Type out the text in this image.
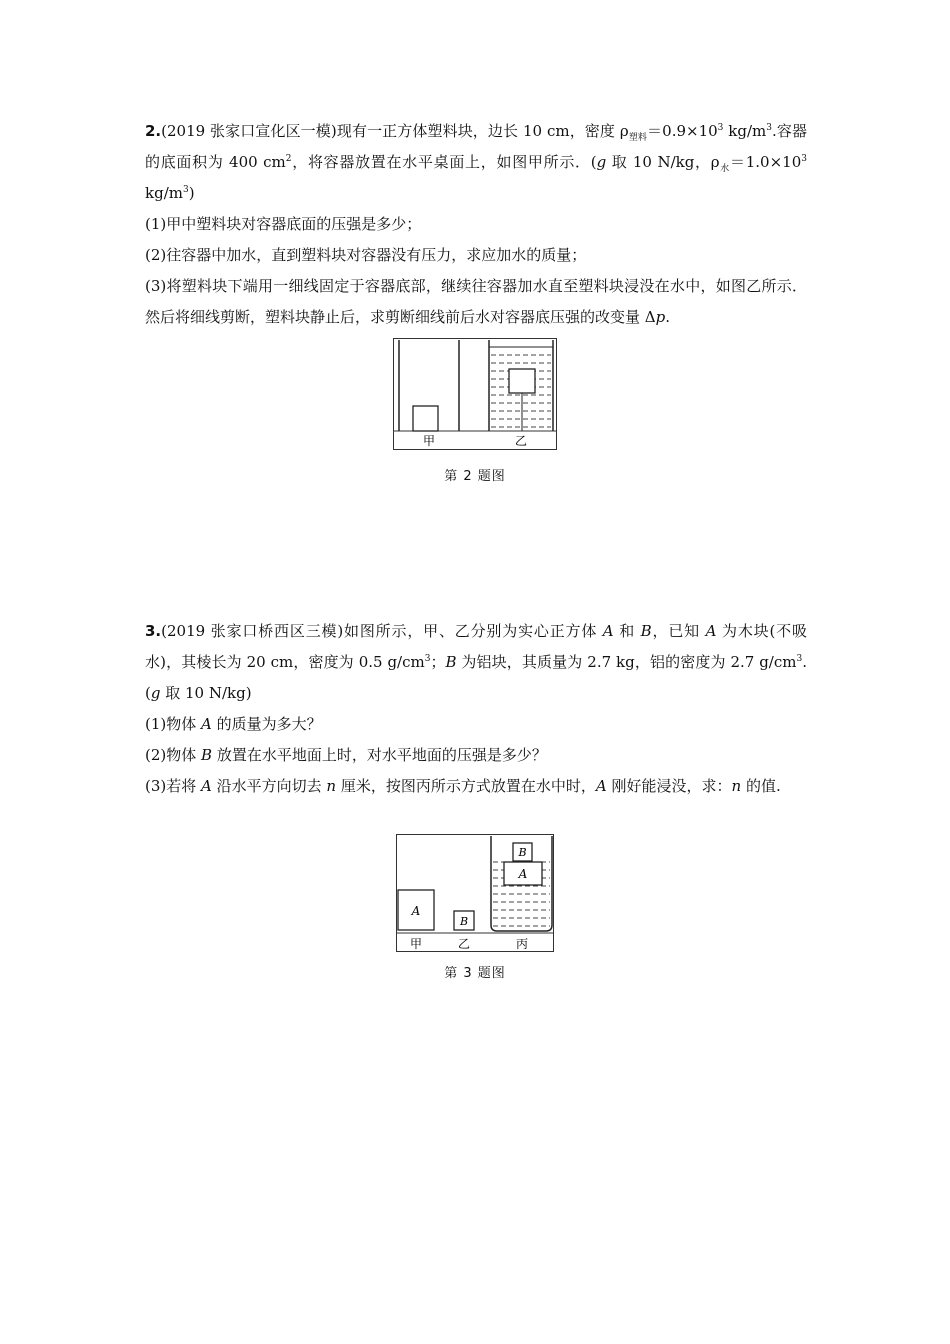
2.(2019 张家口宣化区一模)现有一正方体塑料块，边长 10 cm，密度 $\rho_{塑料}=0.9\times 10^3$ $kg/m^3$.容器的底面积为 400 $cm^2$，将容器放置在水平桌面上，如图甲所示．(g 取 10 N/kg，$\rho_水=1.0\times 10^3$ $kg/m^3$)

(1)甲中塑料块对容器底面的压强是多少；

(2)往容器中加水，直到塑料块对容器没有压力，求应加水的质量；

(3)将塑料块下端用一细线固定于容器底部，继续往容器加水直至塑料块浸没在水中，如图乙所示．然后将细线剪断，塑料块静止后，求剪断细线前后水对容器底压强的改变量 Δp.

甲	乙
第 2 题图

3.(2019 张家口桥西区三模)如图所示，甲、乙分别为实心正方体 A 和 B，已知 A 为木块(不吸水)，其棱长为 20 cm，密度为 0.5 $g/cm^3$；B 为铝块，其质量为 2.7 kg，铝的密度为 2.7 $g/cm^3.(g$ 取 10 N/kg)

(1)物体 A 的质量为多大？

(2)物体 B 放置在水平地面上时，对水平地面的压强是多少？

(3)若将 A 沿水平方向切去 n 厘米，按图丙所示方式放置在水中时，A 刚好能浸没，求：n 的值.

A
B
A
B
甲	乙	丙
第 3 题图
